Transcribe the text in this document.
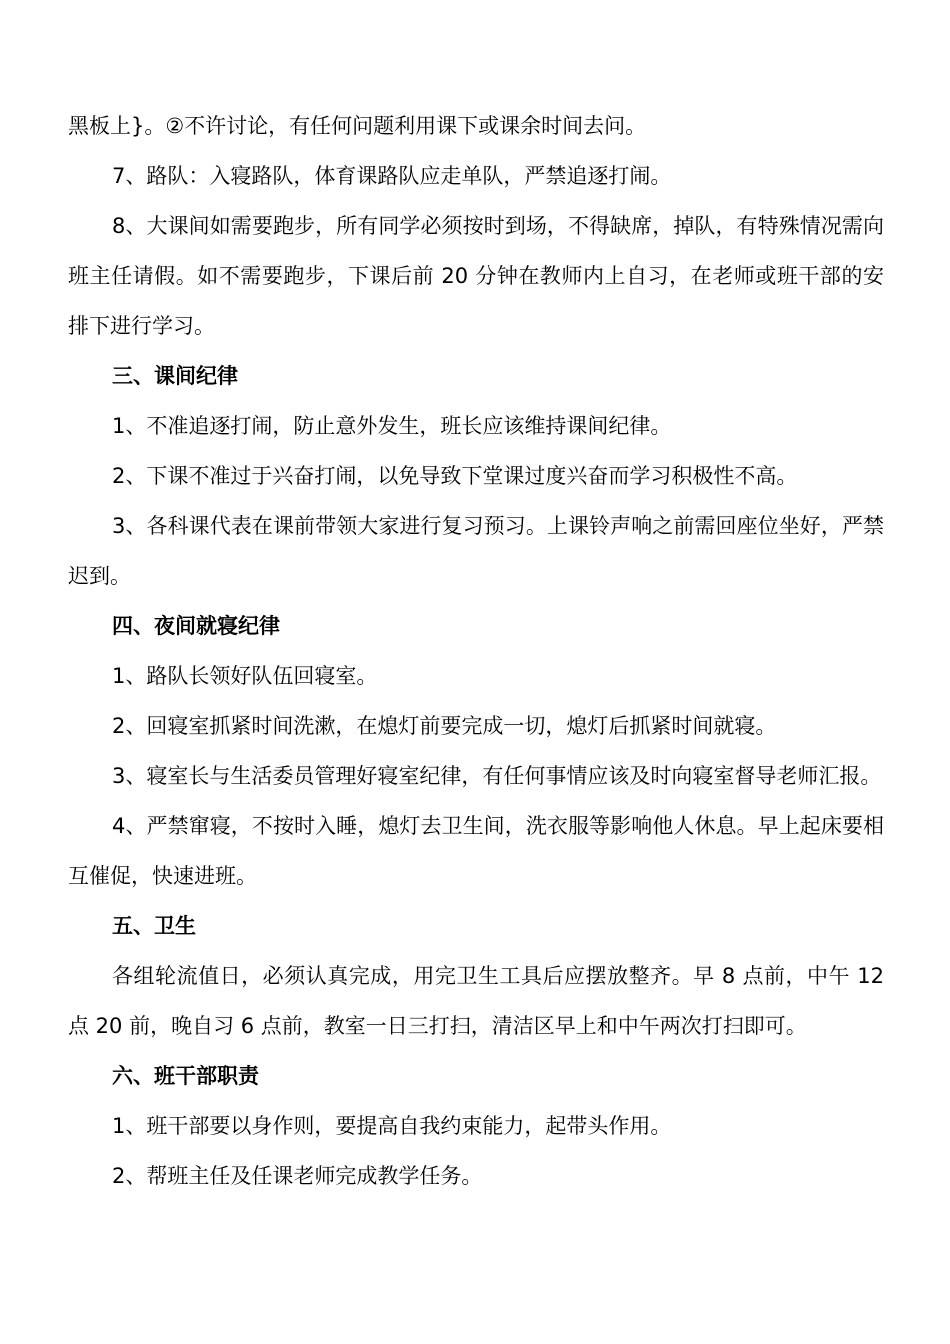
黑板上}。②不许讨论，有任何问题利用课下或课余时间去问。

7、路队：入寝路队，体育课路队应走单队，严禁追逐打闹。

8、大课间如需要跑步，所有同学必须按时到场，不得缺席，掉队，有特殊情况需向班主任请假。如不需要跑步，下课后前 20 分钟在教师内上自习，在老师或班干部的安排下进行学习。

三、课间纪律

1、不准追逐打闹，防止意外发生，班长应该维持课间纪律。

2、下课不准过于兴奋打闹，以免导致下堂课过度兴奋而学习积极性不高。

3、各科课代表在课前带领大家进行复习预习。上课铃声响之前需回座位坐好，严禁迟到。

四、夜间就寝纪律

1、路队长领好队伍回寝室。

2、回寝室抓紧时间洗漱，在熄灯前要完成一切，熄灯后抓紧时间就寝。

3、寝室长与生活委员管理好寝室纪律，有任何事情应该及时向寝室督导老师汇报。

4、严禁窜寝，不按时入睡，熄灯去卫生间，洗衣服等影响他人休息。早上起床要相互催促，快速进班。

五、卫生

各组轮流值日，必须认真完成，用完卫生工具后应摆放整齐。早 8 点前，中午 12 点 20 前，晚自习 6 点前，教室一日三打扫，清洁区早上和中午两次打扫即可。

六、班干部职责

1、班干部要以身作则，要提高自我约束能力，起带头作用。

2、帮班主任及任课老师完成教学任务。
